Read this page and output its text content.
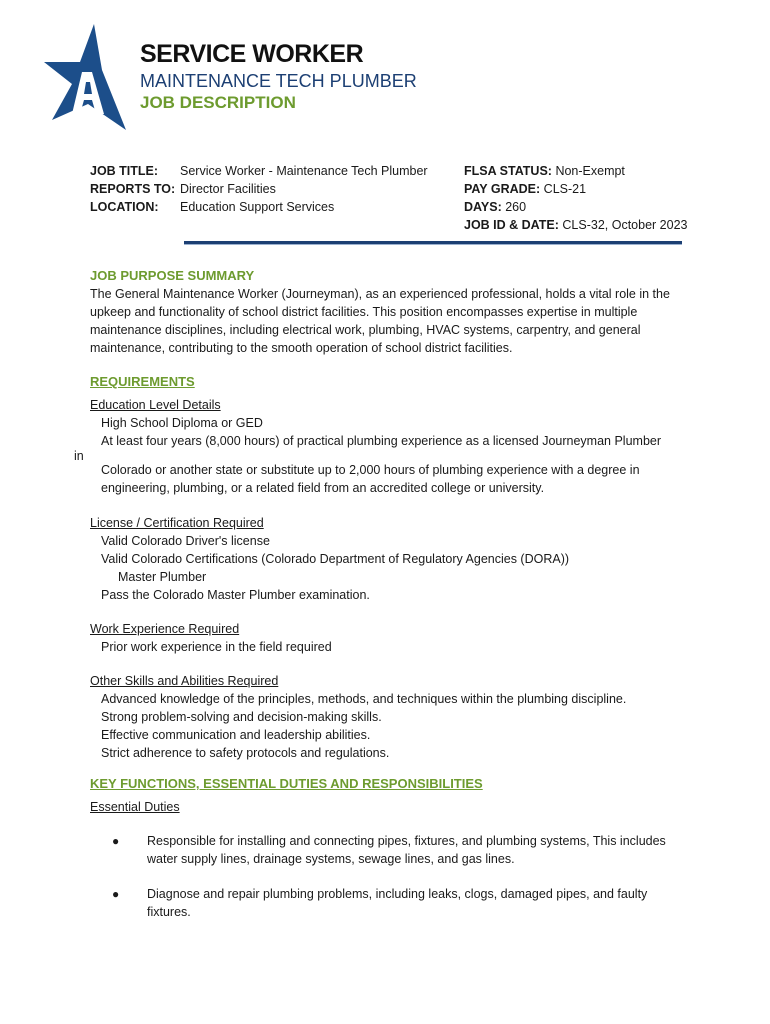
SERVICE WORKER
MAINTENANCE TECH PLUMBER
JOB DESCRIPTION
JOB TITLE:	Service Worker - Maintenance Tech Plumber
REPORTS TO: Director Facilities
LOCATION:	Education Support Services
FLSA STATUS: Non-Exempt
PAY GRADE: CLS-21
DAYS: 260
JOB ID & DATE: CLS-32, October 2023
JOB PURPOSE SUMMARY
The General Maintenance Worker (Journeyman), as an experienced professional, holds a vital role in the
upkeep and functionality of school district facilities. This position encompasses expertise in multiple
maintenance disciplines, including electrical work, plumbing, HVAC systems, carpentry, and general
maintenance, contributing to the smooth operation of school district facilities.
REQUIREMENTS
Education Level Details
High School Diploma or GED
At least four years (8,000 hours) of practical plumbing experience as a licensed Journeyman Plumber
Colorado or another state or substitute up to 2,000 hours of plumbing experience with a degree in
engineering, plumbing, or a related field from an accredited college or university.
License / Certification Required
Valid Colorado Driver's license
Valid Colorado Certifications (Colorado Department of Regulatory Agencies (DORA))
Master Plumber
Pass the Colorado Master Plumber examination.
Work Experience Required
Prior work experience in the field required
Other Skills and Abilities Required
Advanced knowledge of the principles, methods, and techniques within the plumbing discipline.
Strong problem-solving and decision-making skills.
Effective communication and leadership abilities.
Strict adherence to safety protocols and regulations.
in
KEY FUNCTIONS, ESSENTIAL DUTIES AND RESPONSIBILITIES
Essential Duties
●	Responsible for installing and connecting pipes, fixtures, and plumbing systems, This includes water supply lines, drainage systems, sewage lines, and gas lines.
●	Diagnose and repair plumbing problems, including leaks, clogs, damaged pipes, and faulty fixtures.
